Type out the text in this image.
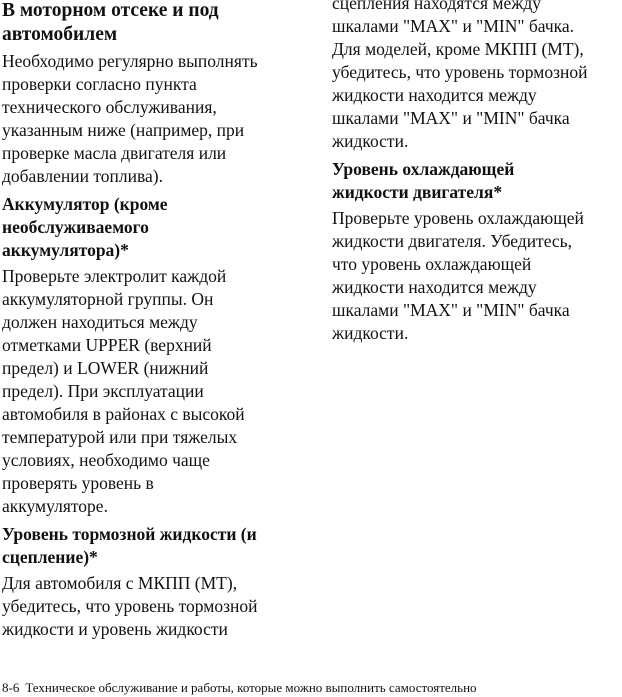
В моторном отсеке и под
автомобилем
Необходимо регулярно выполнять
проверки согласно пункта
технического обслуживания,
указанным ниже (например, при
проверке масла двигателя или
добавлении топлива).
Аккумулятор (кроме
необслуживаемого
аккумулятора)*
Проверьте электролит каждой
аккумуляторной группы. Он
должен находиться между
отметками UPPER (верхний
предел) и LOWER (нижний
предел). При эксплуатации
автомобиля в районах с высокой
температурой или при тяжелых
условиях, необходимо чаще
проверять уровень в
аккумуляторе.
Уровень тормозной жидкости (и
сцепление)*
Для автомобиля с МКПП (MT),
убедитесь, что уровень тормозной
жидкости и уровень жидкости
сцепления находятся между
шкалами "MAX" и "MIN" бачка.
Для моделей, кроме МКПП (MT),
убедитесь, что уровень тормозной
жидкости находится между
шкалами "MAX" и "MIN" бачка
жидкости.
Уровень охлаждающей
жидкости двигателя*
Проверьте уровень охлаждающей
жидкости двигателя. Убедитесь,
что уровень охлаждающей
жидкости находится между
шкалами "MAX" и "MIN" бачка
жидкости.
8-6 Техническое обслуживание и работы, которые можно выполнить самостоятельно
